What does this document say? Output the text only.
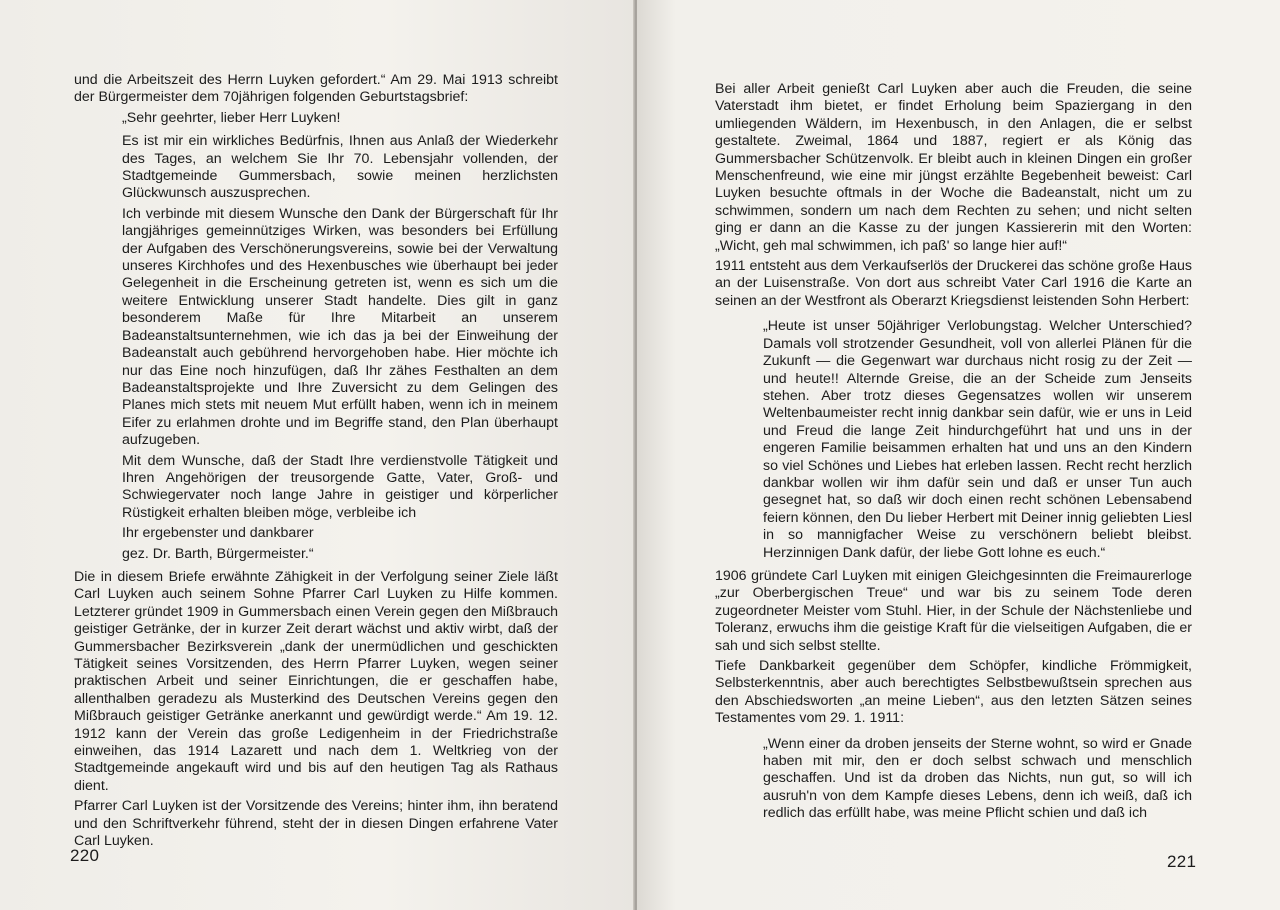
und die Arbeitszeit des Herrn Luyken gefordert.“ Am 29. Mai 1913 schreibt der Bürgermeister dem 70jährigen folgenden Geburtstagsbrief:

„Sehr geehrter, lieber Herr Luyken!

Es ist mir ein wirkliches Bedürfnis, Ihnen aus Anlaß der Wiederkehr des Tages, an welchem Sie Ihr 70. Lebensjahr vollenden, der Stadtgemeinde Gummersbach, sowie meinen herzlichsten Glückwunsch auszusprechen.

Ich verbinde mit diesem Wunsche den Dank der Bürgerschaft für Ihr langjähriges gemeinnütziges Wirken, was besonders bei Erfüllung der Aufgaben des Verschönerungsvereins, sowie bei der Verwaltung unseres Kirchhofes und des Hexenbusches wie überhaupt bei jeder Gelegenheit in die Erscheinung getreten ist, wenn es sich um die weitere Entwicklung unserer Stadt handelte. Dies gilt in ganz besonderem Maße für Ihre Mitarbeit an unserem Badeanstaltsunternehmen, wie ich das ja bei der Einweihung der Badeanstalt auch gebührend hervorgehoben habe. Hier möchte ich nur das Eine noch hinzufügen, daß Ihr zähes Festhalten an dem Badeanstaltsprojekte und Ihre Zuversicht zu dem Gelingen des Planes mich stets mit neuem Mut erfüllt haben, wenn ich in meinem Eifer zu erlahmen drohte und im Begriffe stand, den Plan überhaupt aufzugeben.

Mit dem Wunsche, daß der Stadt Ihre verdienstvolle Tätigkeit und Ihren Angehörigen der treusorgende Gatte, Vater, Groß- und Schwiegervater noch lange Jahre in geistiger und körperlicher Rüstigkeit erhalten bleiben möge, verbleibe ich

Ihr ergebenster und dankbarer

gez. Dr. Barth, Bürgermeister.“

Die in diesem Briefe erwähnte Zähigkeit in der Verfolgung seiner Ziele läßt Carl Luyken auch seinem Sohne Pfarrer Carl Luyken zu Hilfe kommen. Letzterer gründet 1909 in Gummersbach einen Verein gegen den Mißbrauch geistiger Getränke, der in kurzer Zeit derart wächst und aktiv wirbt, daß der Gummersbacher Bezirksverein „dank der unermüdlichen und geschickten Tätigkeit seines Vorsitzenden, des Herrn Pfarrer Luyken, wegen seiner praktischen Arbeit und seiner Einrichtungen, die er geschaffen habe, allenthalben geradezu als Musterkind des Deutschen Vereins gegen den Mißbrauch geistiger Getränke anerkannt und gewürdigt werde.“ Am 19. 12. 1912 kann der Verein das große Ledigenheim in der Friedrichstraße einweihen, das 1914 Lazarett und nach dem 1. Weltkrieg von der Stadtgemeinde angekauft wird und bis auf den heutigen Tag als Rathaus dient.

Pfarrer Carl Luyken ist der Vorsitzende des Vereins; hinter ihm, ihn beratend und den Schriftverkehr führend, steht der in diesen Dingen erfahrene Vater Carl Luyken.

220

Bei aller Arbeit genießt Carl Luyken aber auch die Freuden, die seine Vaterstadt ihm bietet, er findet Erholung beim Spaziergang in den umliegenden Wäldern, im Hexenbusch, in den Anlagen, die er selbst gestaltete. Zweimal, 1864 und 1887, regiert er als König das Gummersbacher Schützenvolk. Er bleibt auch in kleinen Dingen ein großer Menschenfreund, wie eine mir jüngst erzählte Begebenheit beweist: Carl Luyken besuchte oftmals in der Woche die Badeanstalt, nicht um zu schwimmen, sondern um nach dem Rechten zu sehen; und nicht selten ging er dann an die Kasse zu der jungen Kassiererin mit den Worten: „Wicht, geh mal schwimmen, ich paß' so lange hier auf!“

1911 entsteht aus dem Verkaufserlös der Druckerei das schöne große Haus an der Luisenstraße. Von dort aus schreibt Vater Carl 1916 die Karte an seinen an der Westfront als Oberarzt Kriegsdienst leistenden Sohn Herbert:

„Heute ist unser 50jähriger Verlobungstag. Welcher Unterschied? Damals voll strotzender Gesundheit, voll von allerlei Plänen für die Zukunft — die Gegenwart war durchaus nicht rosig zu der Zeit — und heute!! Alternde Greise, die an der Scheide zum Jenseits stehen. Aber trotz dieses Gegensatzes wollen wir unserem Weltenbaumeister recht innig dankbar sein dafür, wie er uns in Leid und Freud die lange Zeit hindurchgeführt hat und uns in der engeren Familie beisammen erhalten hat und uns an den Kindern so viel Schönes und Liebes hat erleben lassen. Recht recht herzlich dankbar wollen wir ihm dafür sein und daß er unser Tun auch gesegnet hat, so daß wir doch einen recht schönen Lebensabend feiern können, den Du lieber Herbert mit Deiner innig geliebten Liesl in so mannigfacher Weise zu verschönern beliebt bleibst. Herzinnigen Dank dafür, der liebe Gott lohne es euch.“

1906 gründete Carl Luyken mit einigen Gleichgesinnten die Freimaurerloge „zur Oberbergischen Treue“ und war bis zu seinem Tode deren zugeordneter Meister vom Stuhl. Hier, in der Schule der Nächstenliebe und Toleranz, erwuchs ihm die geistige Kraft für die vielseitigen Aufgaben, die er sah und sich selbst stellte.

Tiefe Dankbarkeit gegenüber dem Schöpfer, kindliche Frömmigkeit, Selbsterkenntnis, aber auch berechtigtes Selbstbewußtsein sprechen aus den Abschiedsworten „an meine Lieben“, aus den letzten Sätzen seines Testamentes vom 29. 1. 1911:

„Wenn einer da droben jenseits der Sterne wohnt, so wird er Gnade haben mit mir, den er doch selbst schwach und menschlich geschaffen. Und ist da droben das Nichts, nun gut, so will ich ausruh'n von dem Kampfe dieses Lebens, denn ich weiß, daß ich redlich das erfüllt habe, was meine Pflicht schien und daß ich

221
